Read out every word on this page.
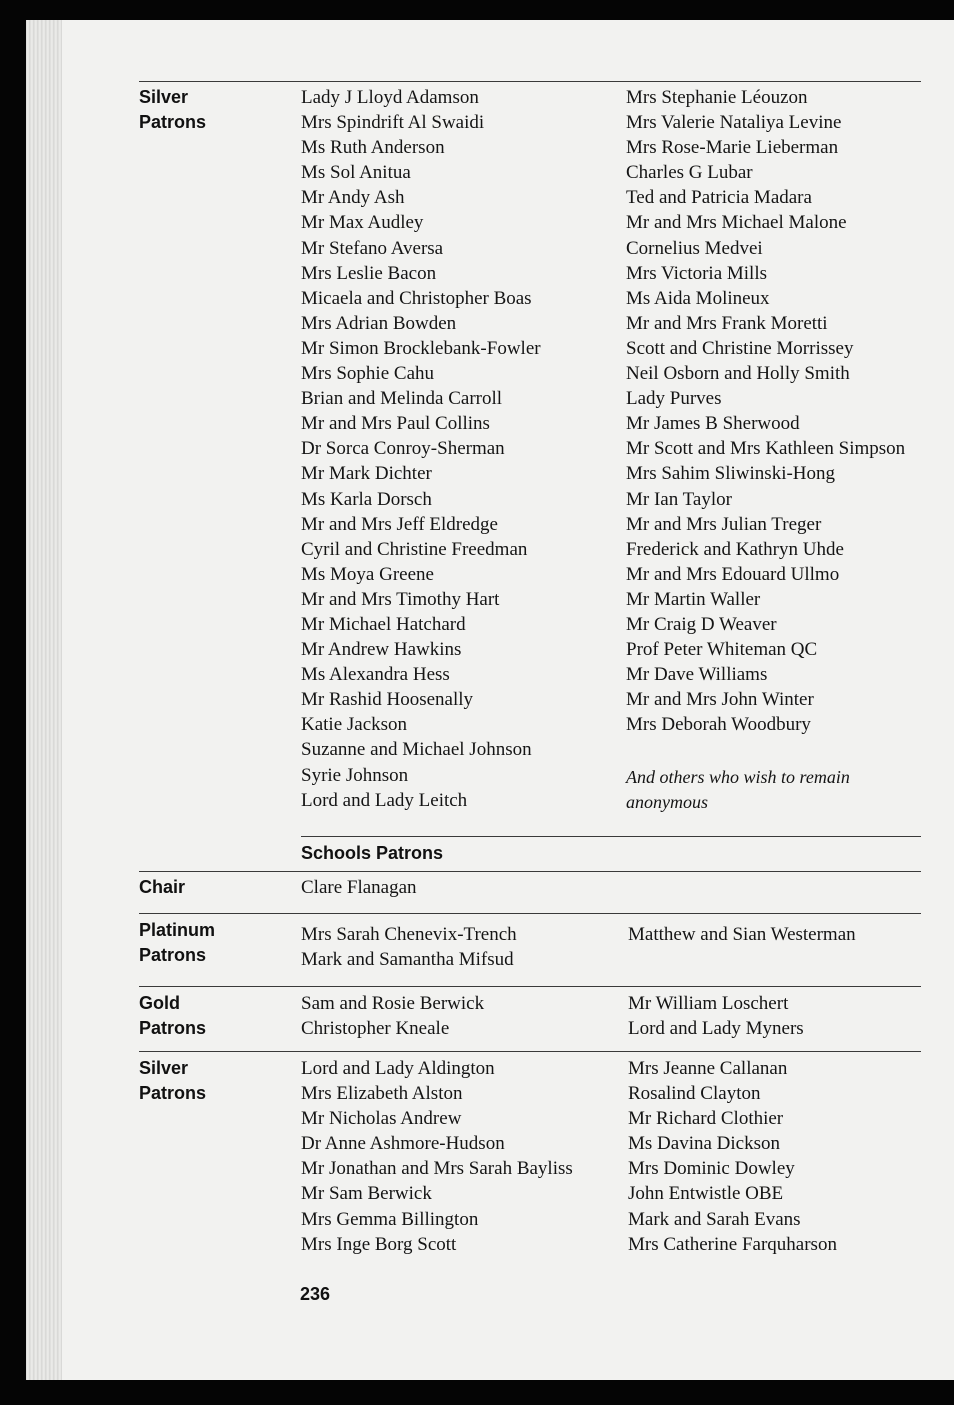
Silver
Patrons
Lady J Lloyd Adamson
Mrs Spindrift Al Swaidi
Ms Ruth Anderson
Ms Sol Anitua
Mr Andy Ash
Mr Max Audley
Mr Stefano Aversa
Mrs Leslie Bacon
Micaela and Christopher Boas
Mrs Adrian Bowden
Mr Simon Brocklebank-Fowler
Mrs Sophie Cahu
Brian and Melinda Carroll
Mr and Mrs Paul Collins
Dr Sorca Conroy-Sherman
Mr Mark Dichter
Ms Karla Dorsch
Mr and Mrs Jeff Eldredge
Cyril and Christine Freedman
Ms Moya Greene
Mr and Mrs Timothy Hart
Mr Michael Hatchard
Mr Andrew Hawkins
Ms Alexandra Hess
Mr Rashid Hoosenally
Katie Jackson
Suzanne and Michael Johnson
Syrie Johnson
Lord and Lady Leitch
Mrs Stephanie Léouzon
Mrs Valerie Nataliya Levine
Mrs Rose-Marie Lieberman
Charles G Lubar
Ted and Patricia Madara
Mr and Mrs Michael Malone
Cornelius Medvei
Mrs Victoria Mills
Ms Aida Molineux
Mr and Mrs Frank Moretti
Scott and Christine Morrissey
Neil Osborn and Holly Smith
Lady Purves
Mr James B Sherwood
Mr Scott and Mrs Kathleen Simpson
Mrs Sahim Sliwinski-Hong
Mr Ian Taylor
Mr and Mrs Julian Treger
Frederick and Kathryn Uhde
Mr and Mrs Edouard Ullmo
Mr Martin Waller
Mr Craig D Weaver
Prof Peter Whiteman QC
Mr Dave Williams
Mr and Mrs John Winter
Mrs Deborah Woodbury
And others who wish to remain
anonymous
Schools Patrons
Chair	Clare Flanagan
Platinum
Patrons
Mrs Sarah Chenevix-Trench
Mark and Samantha Mifsud
Matthew and Sian Westerman
Gold
Patrons
Sam and Rosie Berwick
Christopher Kneale
Mr William Loschert
Lord and Lady Myners
Silver
Patrons
Lord and Lady Aldington
Mrs Elizabeth Alston
Mr Nicholas Andrew
Dr Anne Ashmore-Hudson
Mr Jonathan and Mrs Sarah Bayliss
Mr Sam Berwick
Mrs Gemma Billington
Mrs Inge Borg Scott
Mrs Jeanne Callanan
Rosalind Clayton
Mr Richard Clothier
Ms Davina Dickson
Mrs Dominic Dowley
John Entwistle OBE
Mark and Sarah Evans
Mrs Catherine Farquharson
236
